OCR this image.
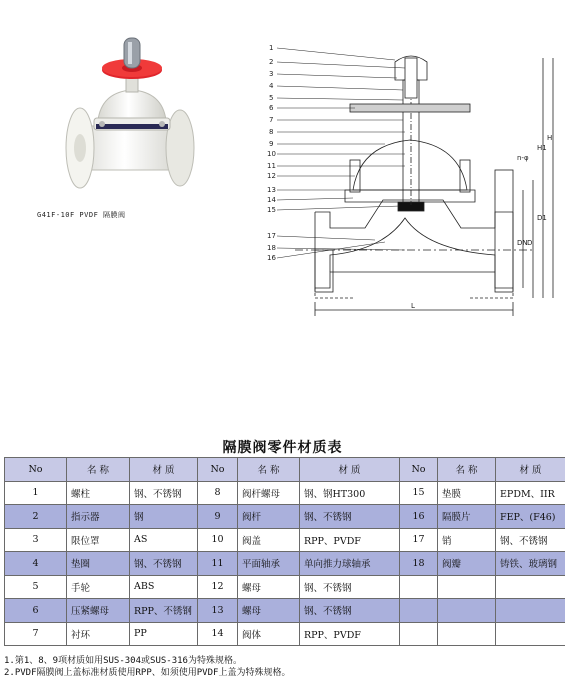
G41F-10F PVDF 隔膜阀
1
2
3
4
5
6
7
8
9
10
11
12
13
14
15
17
18
16
L
DN D
D1
n-φ
H1
H
隔膜阀零件材质表
No	名 称	材 质	No	名 称	材 质	No	名 称	材 质
1	螺柱	钢、不锈钢	8	阀杆螺母	钢、钢HT300	15	垫膜	EPDM、IIR
2	指示器	钢	9	阀杆	钢、不锈钢	16	隔膜片	FEP、(F46)
3	限位罩	AS	10	阀盖	RPP、PVDF	17	销	钢、不锈钢
4	垫圈	钢、不锈钢	11	平面轴承	单向推力球轴承	18	阀瓣	铸铁、玻璃钢
5	手轮	ABS	12	螺母	钢、不锈钢			
6	压紧螺母	RPP、不锈钢	13	螺母	钢、不锈钢			
7	衬环	PP	14	阀体	RPP、PVDF			
1.第1、8、9项材质如用SUS-304或SUS-316为特殊规格。
2.PVDF隔膜阀上盖标准材质使用RPP、如须使用PVDF上盖为特殊规格。
